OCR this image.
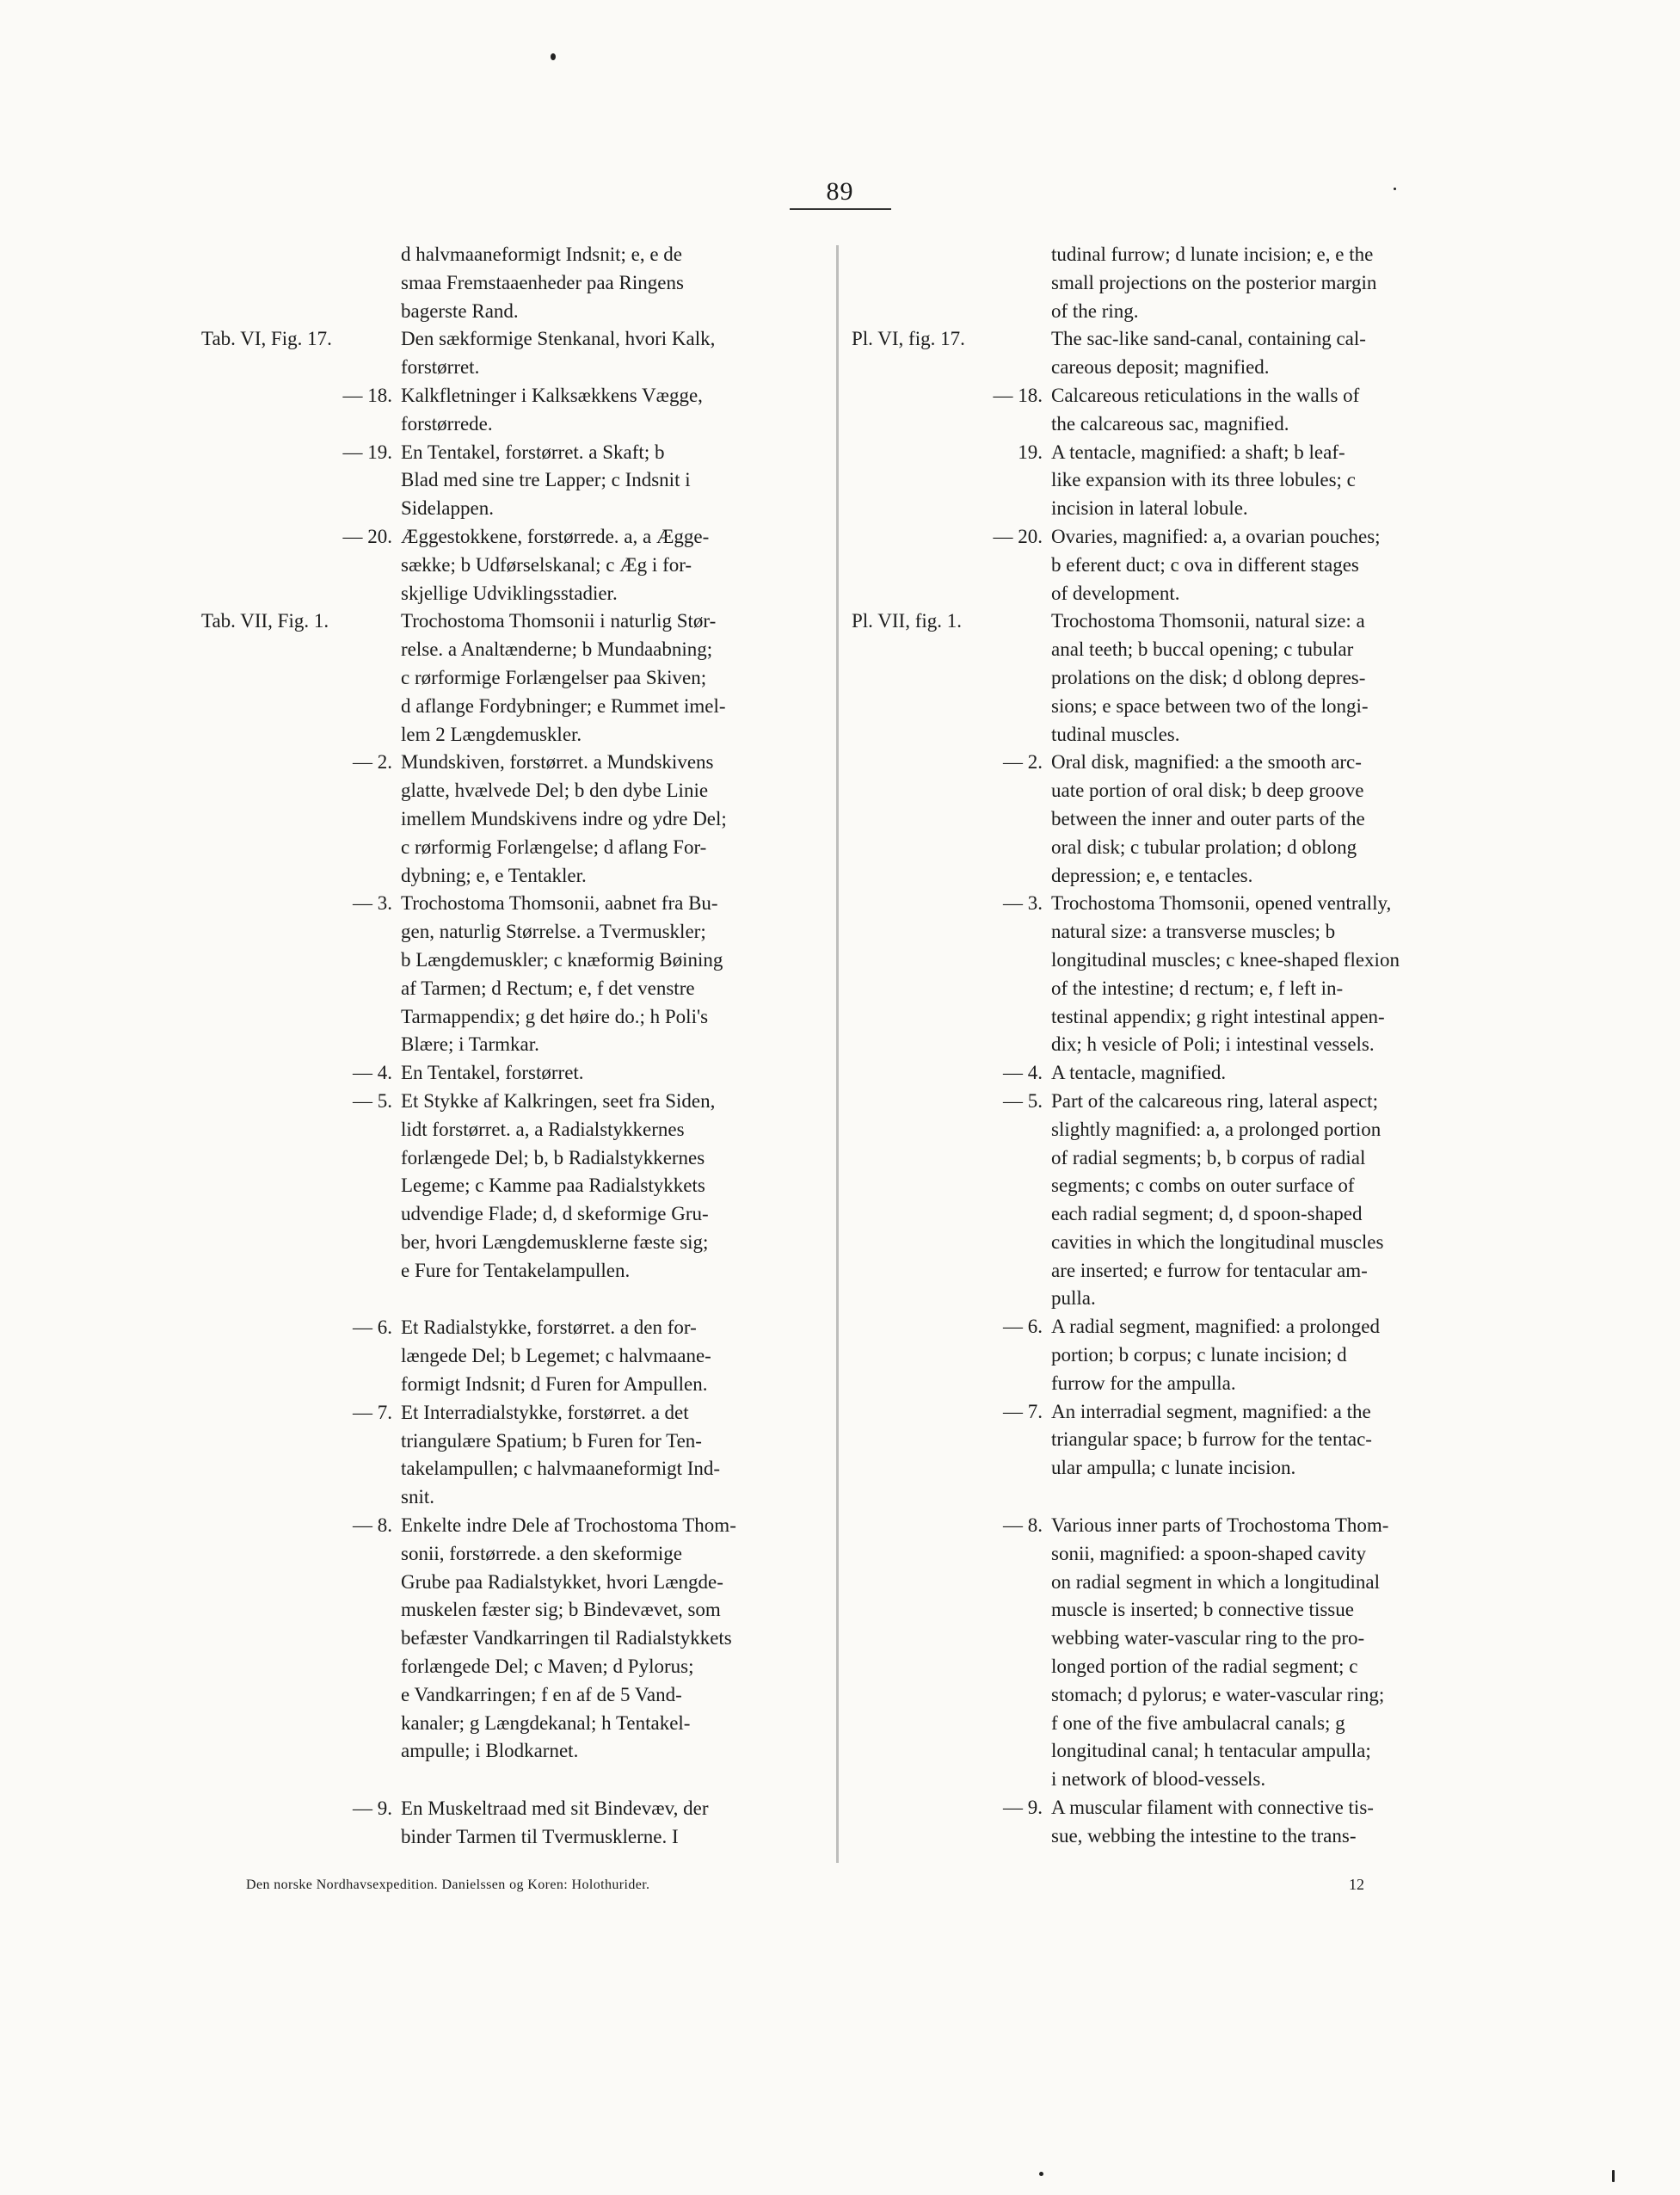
89
d halvmaaneformigt Indsnit; e, e de
smaa Fremstaaenheder paa Ringens
bagerste Rand.
Tab. VI, Fig. 17.	Den sækformige Stenkanal, hvori Kalk,
forstørret.
— 18. Kalkfletninger i Kalksækkens Vægge,
forstørrede.
— 19. En Tentakel, forstørret. a Skaft; b
Blad med sine tre Lapper; c Indsnit i
Sidelappen.
— 20. Æggestokkene, forstørrede. a, a Ægge-
sække; b Udførselskanal; c Æg i for-
skjellige Udviklingsstadier.
Tab. VII, Fig. 1.	Trochostoma Thomsonii i naturlig Stør-
relse. a Analtænderne; b Mundaabning;
c rørformige Forlængelser paa Skiven;
d aflange Fordybninger; e Rummet imel-
lem 2 Længdemuskler.
— 2. Mundskiven, forstørret. a Mundskivens
glatte, hvælvede Del; b den dybe Linie
imellem Mundskivens indre og ydre Del;
c rørformig Forlængelse; d aflang For-
dybning; e, e Tentakler.
— 3. Trochostoma Thomsonii, aabnet fra Bu-
gen, naturlig Størrelse. a Tvermuskler;
b Længdemuskler; c knæformig Bøining
af Tarmen; d Rectum; e, f det venstre
Tarmappendix; g det høire do.; h Poli's
Blære; i Tarmkar.
— 4. En Tentakel, forstørret.
— 5. Et Stykke af Kalkringen, seet fra Siden,
lidt forstørret. a, a Radialstykkernes
forlængede Del; b, b Radialstykkernes
Legeme; c Kamme paa Radialstykkets
udvendige Flade; d, d skeformige Gru-
ber, hvori Længdemusklerne fæste sig;
e Fure for Tentakelampullen.
— 6. Et Radialstykke, forstørret. a den for-
længede Del; b Legemet; c halvmaane-
formigt Indsnit; d Furen for Ampullen.
— 7. Et Interradialstykke, forstørret. a det
triangulære Spatium; b Furen for Ten-
takelampullen; c halvmaaneformigt Ind-
snit.
— 8. Enkelte indre Dele af Trochostoma Thom-
sonii, forstørrede. a den skeformige
Grube paa Radialstykket, hvori Længde-
muskelen fæster sig; b Bindevævet, som
befæster Vandkarringen til Radialstykkets
forlængede Del; c Maven; d Pylorus;
e Vandkarringen; f en af de 5 Vand-
kanaler; g Længdekanal; h Tentakel-
ampulle; i Blodkarnet.
— 9. En Muskeltraad med sit Bindevæv, der
binder Tarmen til Tvermusklerne. I
tudinal furrow; d lunate incision; e, e the
small projections on the posterior margin
of the ring.
Pl. VI, fig. 17.	The sac-like sand-canal, containing cal-
careous deposit; magnified.
— 18. Calcareous reticulations in the walls of
the calcareous sac, magnified.
19. A tentacle, magnified: a shaft; b leaf-
like expansion with its three lobules; c
incision in lateral lobule.
— 20. Ovaries, magnified: a, a ovarian pouches;
b eferent duct; c ova in different stages
of development.
Pl. VII, fig. 1.	Trochostoma Thomsonii, natural size: a
anal teeth; b buccal opening; c tubular
prolations on the disk; d oblong depres-
sions; e space between two of the longi-
tudinal muscles.
— 2. Oral disk, magnified: a the smooth arc-
uate portion of oral disk; b deep groove
between the inner and outer parts of the
oral disk; c tubular prolation; d oblong
depression; e, e tentacles.
— 3. Trochostoma Thomsonii, opened ventrally,
natural size: a transverse muscles; b
longitudinal muscles; c knee-shaped flexion
of the intestine; d rectum; e, f left in-
testinal appendix; g right intestinal appen-
dix; h vesicle of Poli; i intestinal vessels.
— 4. A tentacle, magnified.
— 5. Part of the calcareous ring, lateral aspect;
slightly magnified: a, a prolonged portion
of radial segments; b, b corpus of radial
segments; c combs on outer surface of
each radial segment; d, d spoon-shaped
cavities in which the longitudinal muscles
are inserted; e furrow for tentacular am-
pulla.
— 6. A radial segment, magnified: a prolonged
portion; b corpus; c lunate incision; d
furrow for the ampulla.
— 7. An interradial segment, magnified: a the
triangular space; b furrow for the tentac-
ular ampulla; c lunate incision.
— 8. Various inner parts of Trochostoma Thom-
sonii, magnified: a spoon-shaped cavity
on radial segment in which a longitudinal
muscle is inserted; b connective tissue
webbing water-vascular ring to the pro-
longed portion of the radial segment; c
stomach; d pylorus; e water-vascular ring;
f one of the five ambulacral canals; g
longitudinal canal; h tentacular ampulla;
i network of blood-vessels.
— 9. A muscular filament with connective tis-
sue, webbing the intestine to the trans-
Den norske Nordhavsexpedition. Danielssen og Koren: Holothurider.	12
